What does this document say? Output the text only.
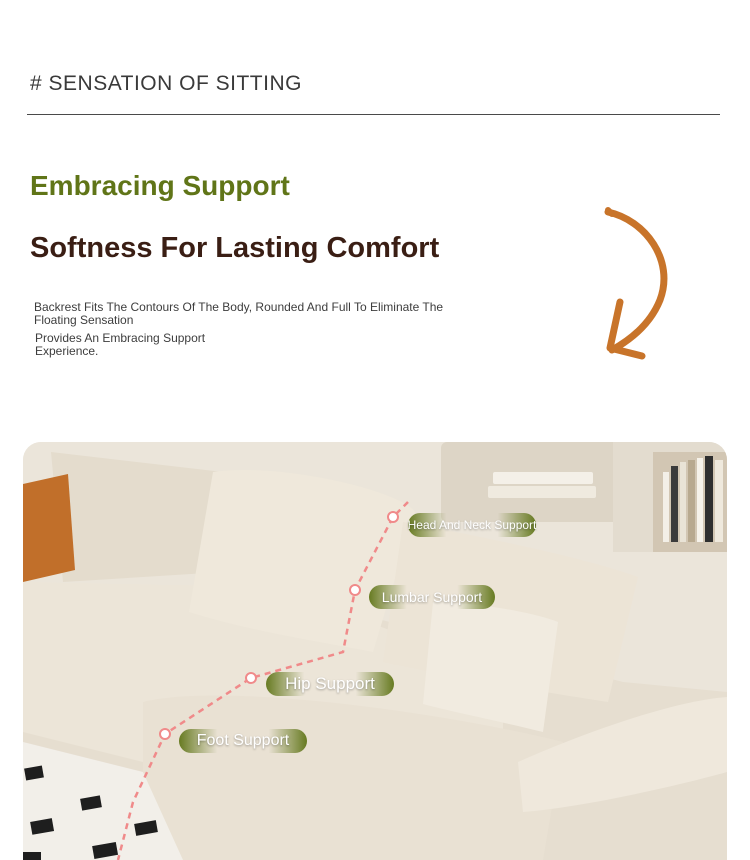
# SENSATION OF SITTING
Embracing Support
Softness For Lasting Comfort
Backrest Fits The Contours Of The Body, Rounded And Full To Eliminate The Floating Sensation
Provides An Embracing Support Experience.
Head And Neck Support
Lumbar Support
Hip Support
Foot Support
